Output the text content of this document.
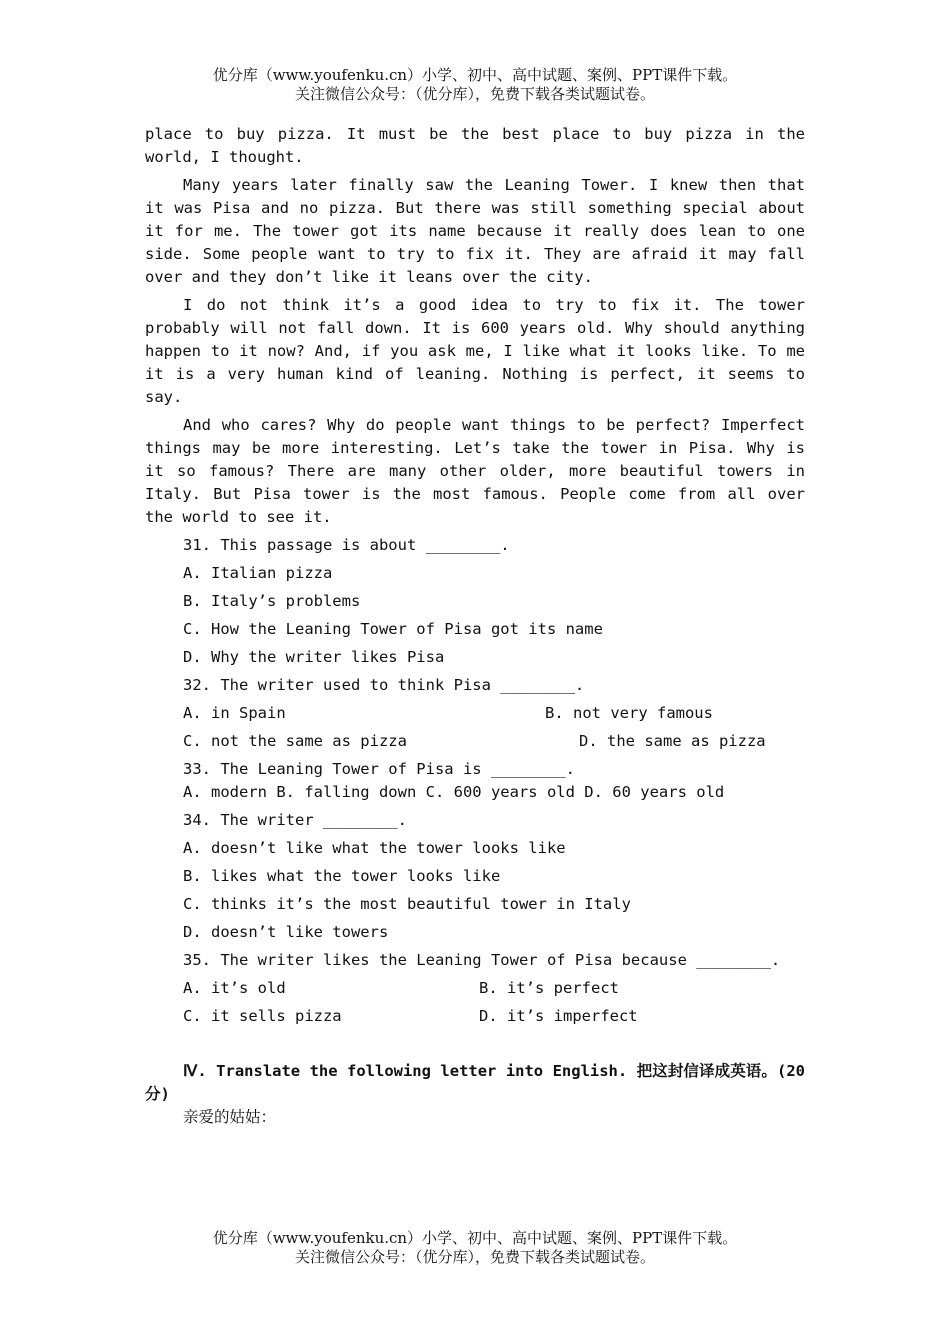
优分库（www.youfenku.cn）小学、初中、高中试题、案例、PPT课件下载。
关注微信公众号：（优分库），免费下载各类试题试卷。

place to buy pizza. It must be the best place to buy pizza in the world, I thought.

Many years later finally saw the Leaning Tower. I knew then that it was Pisa and no pizza. But there was still something special about it for me. The tower got its name because it really does lean to one side. Some people want to try to fix it. They are afraid it may fall over and they don’t like it leans over the city.

I do not think it’s a good idea to try to fix it. The tower probably will not fall down. It is 600 years old. Why should anything happen to it now? And, if you ask me, I like what it looks like. To me it is a very human kind of leaning. Nothing is perfect, it seems to say.

And who cares? Why do people want things to be perfect? Imperfect things may be more interesting. Let’s take the tower in Pisa. Why is it so famous? There are many other older, more beautiful towers in Italy. But Pisa tower is the most famous. People come from all over the world to see it.

31. This passage is about ________.

A. Italian pizza

B. Italy’s problems

C. How the Leaning Tower of Pisa got its name

D. Why the writer likes Pisa

32. The writer used to think Pisa ________.

A. in Spain	B. not very famous
C. not the same as pizza	D. the same as pizza

33. The Leaning Tower of Pisa is ________.

A. modern B. falling down C. 600 years old D. 60 years old

34. The writer ________.

A. doesn’t like what the tower looks like

B. likes what the tower looks like

C. thinks it’s the most beautiful tower in Italy

D. doesn’t like towers

35. The writer likes the Leaning Tower of Pisa because ________.

A. it’s old	B. it’s perfect
C. it sells pizza	D. it’s imperfect

Ⅳ. Translate the following letter into English. 把这封信译成英语。(20分)

亲爱的姑姑：

优分库（www.youfenku.cn）小学、初中、高中试题、案例、PPT课件下载。
关注微信公众号：（优分库），免费下载各类试题试卷。
